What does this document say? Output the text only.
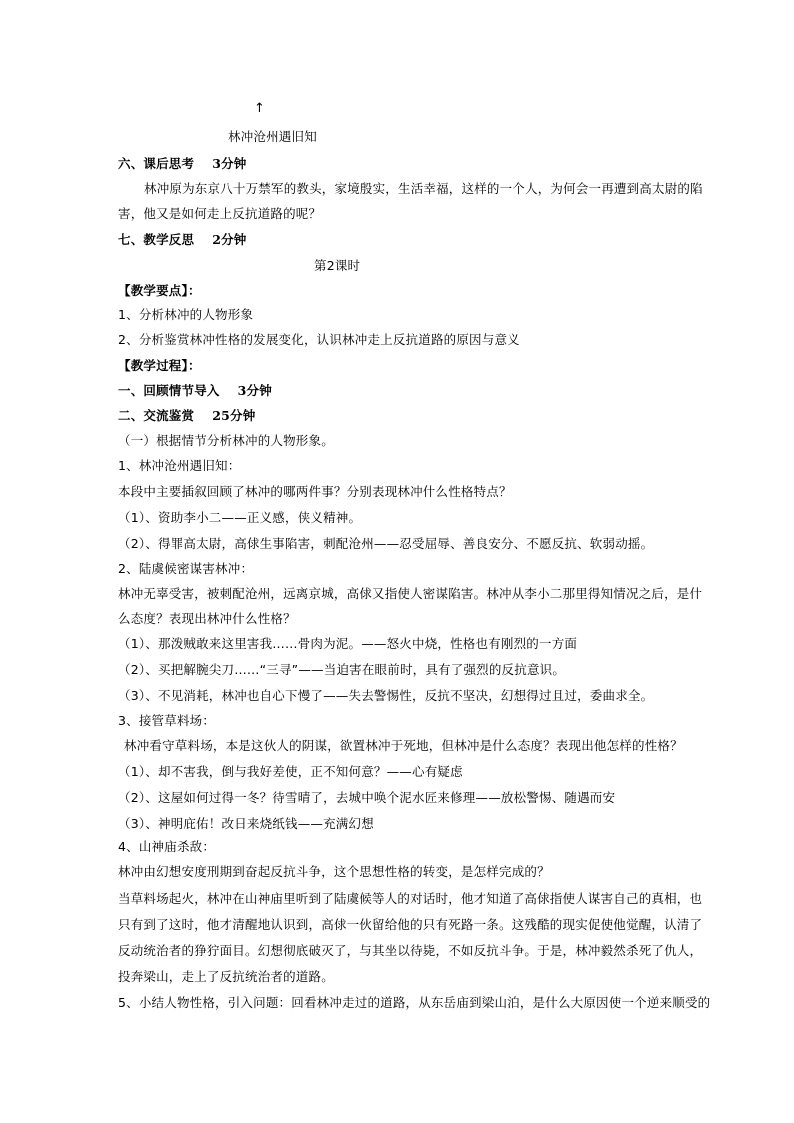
↑
林冲沧州遇旧知
六、课后思考 3分钟
林冲原为东京八十万禁军的教头，家境殷实，生活幸福，这样的一个人，为何会一再遭到高太尉的陷
害，他又是如何走上反抗道路的呢？
七、教学反思 2分钟
第2课时
【教学要点】：
1、分析林冲的人物形象
2、分析鉴赏林冲性格的发展变化，认识林冲走上反抗道路的原因与意义
【教学过程】：
一、回顾情节导入 3分钟
二、交流鉴赏 25分钟
（一）根据情节分析林冲的人物形象。
1、林冲沧州遇旧知：
本段中主要插叙回顾了林冲的哪两件事？分别表现林冲什么性格特点？
（1）、资助李小二——正义感，侠义精神。
（2）、得罪高太尉，高俅生事陷害，刺配沧州——忍受屈辱、善良安分、不愿反抗、软弱动摇。
2、陆虞候密谋害林冲：
林冲无辜受害，被刺配沧州，远离京城，高俅又指使人密谋陷害。林冲从李小二那里得知情况之后，是什
么态度？表现出林冲什么性格？
（1）、那泼贼敢来这里害我……骨肉为泥。——怒火中烧，性格也有刚烈的一方面
（2）、买把解腕尖刀……“三寻”——当迫害在眼前时，具有了强烈的反抗意识。
（3）、不见消耗，林冲也自心下慢了——失去警惕性，反抗不坚决，幻想得过且过，委曲求全。
3、接管草料场：
林冲看守草料场，本是这伙人的阴谋，欲置林冲于死地，但林冲是什么态度？表现出他怎样的性格？
（1）、却不害我，倒与我好差使，正不知何意？——心有疑虑
（2）、这屋如何过得一冬？待雪晴了，去城中唤个泥水匠来修理——放松警惕、随遇而安
（3）、神明庇佑！改日来烧纸钱——充满幻想
4、山神庙杀敌：
林冲由幻想安度刑期到奋起反抗斗争，这个思想性格的转变，是怎样完成的？
当草料场起火，林冲在山神庙里听到了陆虞候等人的对话时，他才知道了高俅指使人谋害自己的真相，也
只有到了这时，他才清醒地认识到，高俅一伙留给他的只有死路一条。这残酷的现实促使他觉醒，认清了
反动统治者的狰狞面目。幻想彻底破灭了，与其坐以待毙，不如反抗斗争。于是，林冲毅然杀死了仇人，
投奔梁山，走上了反抗统治者的道路。
5、小结人物性格，引入问题：回看林冲走过的道路，从东岳庙到梁山泊，是什么大原因使一个逆来顺受的
